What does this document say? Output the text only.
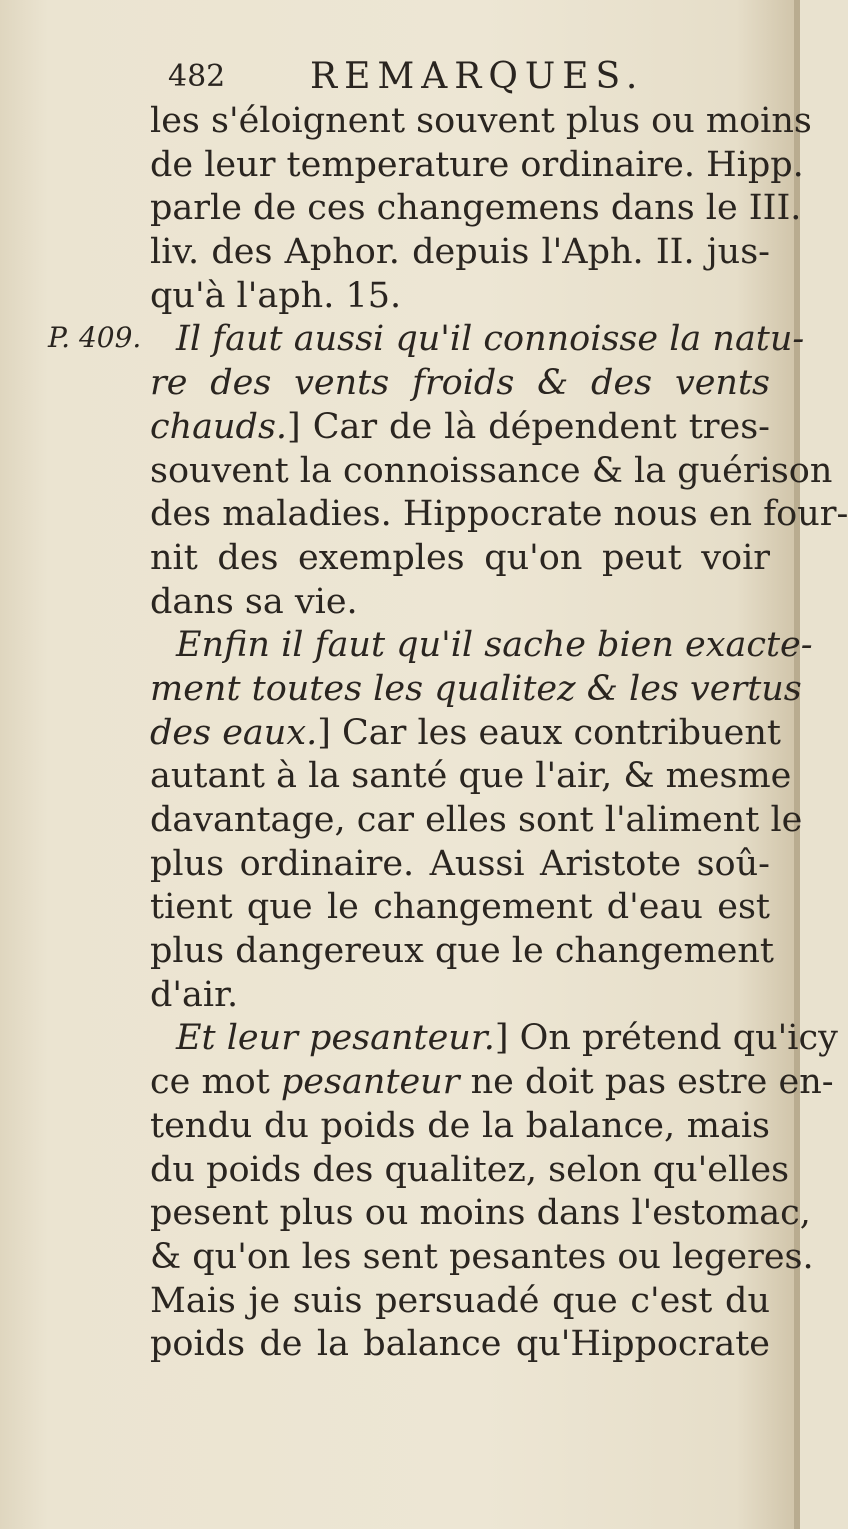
482 REMARQUES.
P. 409.
les s'éloignent souvent plus ou moins
de leur temperature ordinaire. Hipp.
parle de ces changemens dans le III.
liv. des Aphor. depuis l'Aph. II. jus-
qu'à l'aph. 15.
Il faut aussi qu'il connoisse la natu-
re des vents froids & des vents
chauds.] Car de là dépendent tres-
souvent la connoissance & la guérison
des maladies. Hippocrate nous en four-
nit des exemples qu'on peut voir
dans sa vie.
Enfin il faut qu'il sache bien exacte-
ment toutes les qualitez & les vertus
des eaux.] Car les eaux contribuent
autant à la santé que l'air, & mesme
davantage, car elles sont l'aliment le
plus ordinaire. Aussi Aristote soû-
tient que le changement d'eau est
plus dangereux que le changement
d'air.
Et leur pesanteur.] On prétend qu'icy
ce mot pesanteur ne doit pas estre en-
tendu du poids de la balance, mais
du poids des qualitez, selon qu'elles
pesent plus ou moins dans l'estomac,
& qu'on les sent pesantes ou legeres.
Mais je suis persuadé que c'est du
poids de la balance qu'Hippocrate
